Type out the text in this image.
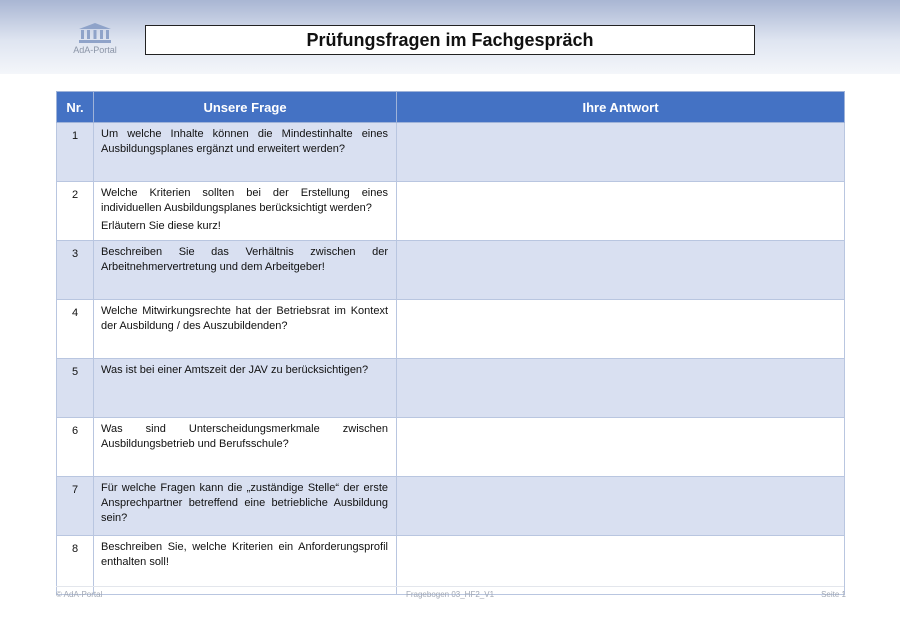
AdA-Portal
Prüfungsfragen im Fachgespräch
Nr.	Unsere Frage	Ihre Antwort

1	Um welche Inhalte können die Mindestinhalte eines Ausbildungsplanes ergänzt und erweitert werden?	

2	Welche Kriterien sollten bei der Erstellung eines individuellen Ausbildungsplanes berücksichtigt werden?
Erläutern Sie diese kurz!	

3	Beschreiben Sie das Verhältnis zwischen der Arbeitnehmervertretung und dem Arbeitgeber!	

4	Welche Mitwirkungsrechte hat der Betriebsrat im Kontext der Ausbildung / des Auszubildenden?	

5	Was ist bei einer Amtszeit der JAV zu berücksichtigen?	

6	Was sind Unterscheidungsmerkmale zwischen Ausbildungsbetrieb und Berufsschule?	

7	Für welche Fragen kann die „zuständige Stelle“ der erste Ansprechpartner betreffend eine betriebliche Ausbildung sein?	

8	Beschreiben Sie, welche Kriterien ein Anforderungsprofil enthalten soll!	
© AdA-Portal	Fragebogen 03_HF2_V1	Seite 1
